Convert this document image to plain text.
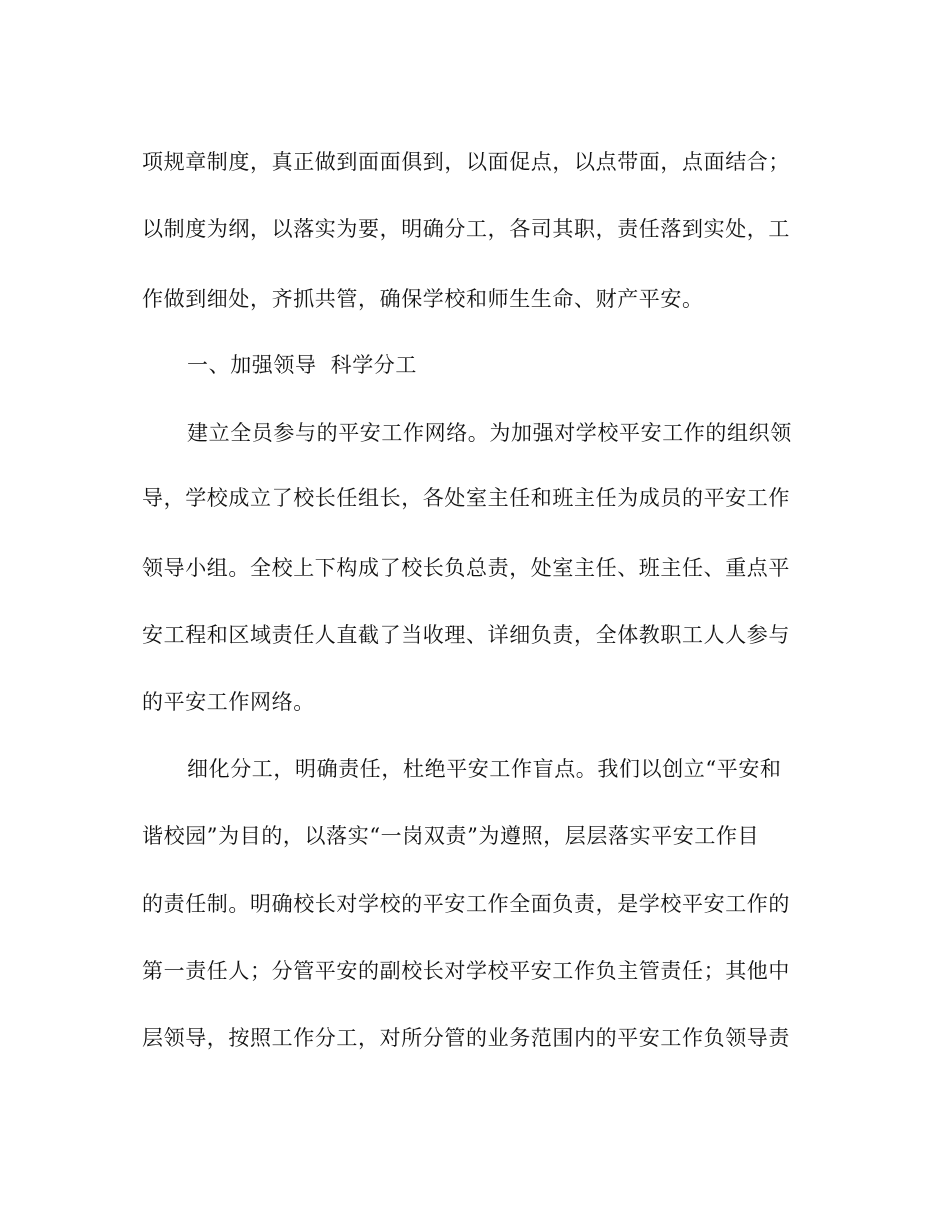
项规章制度，真正做到面面俱到，以面促点，以点带面，点面结合；
以制度为纲，以落实为要，明确分工，各司其职，责任落到实处，工
作做到细处，齐抓共管，确保学校和师生生命、财产平安。
一、加强领导 科学分工
建立全员参与的平安工作网络。为加强对学校平安工作的组织领
导，学校成立了校长任组长，各处室主任和班主任为成员的平安工作
领导小组。全校上下构成了校长负总责，处室主任、班主任、重点平
安工程和区域责任人直截了当收理、详细负责，全体教职工人人参与
的平安工作网络。
细化分工，明确责任，杜绝平安工作盲点。我们以创立“平安和
谐校园”为目的，以落实“一岗双责”为遵照，层层落实平安工作目
的责任制。明确校长对学校的平安工作全面负责，是学校平安工作的
第一责任人；分管平安的副校长对学校平安工作负主管责任；其他中
层领导，按照工作分工，对所分管的业务范围内的平安工作负领导责
